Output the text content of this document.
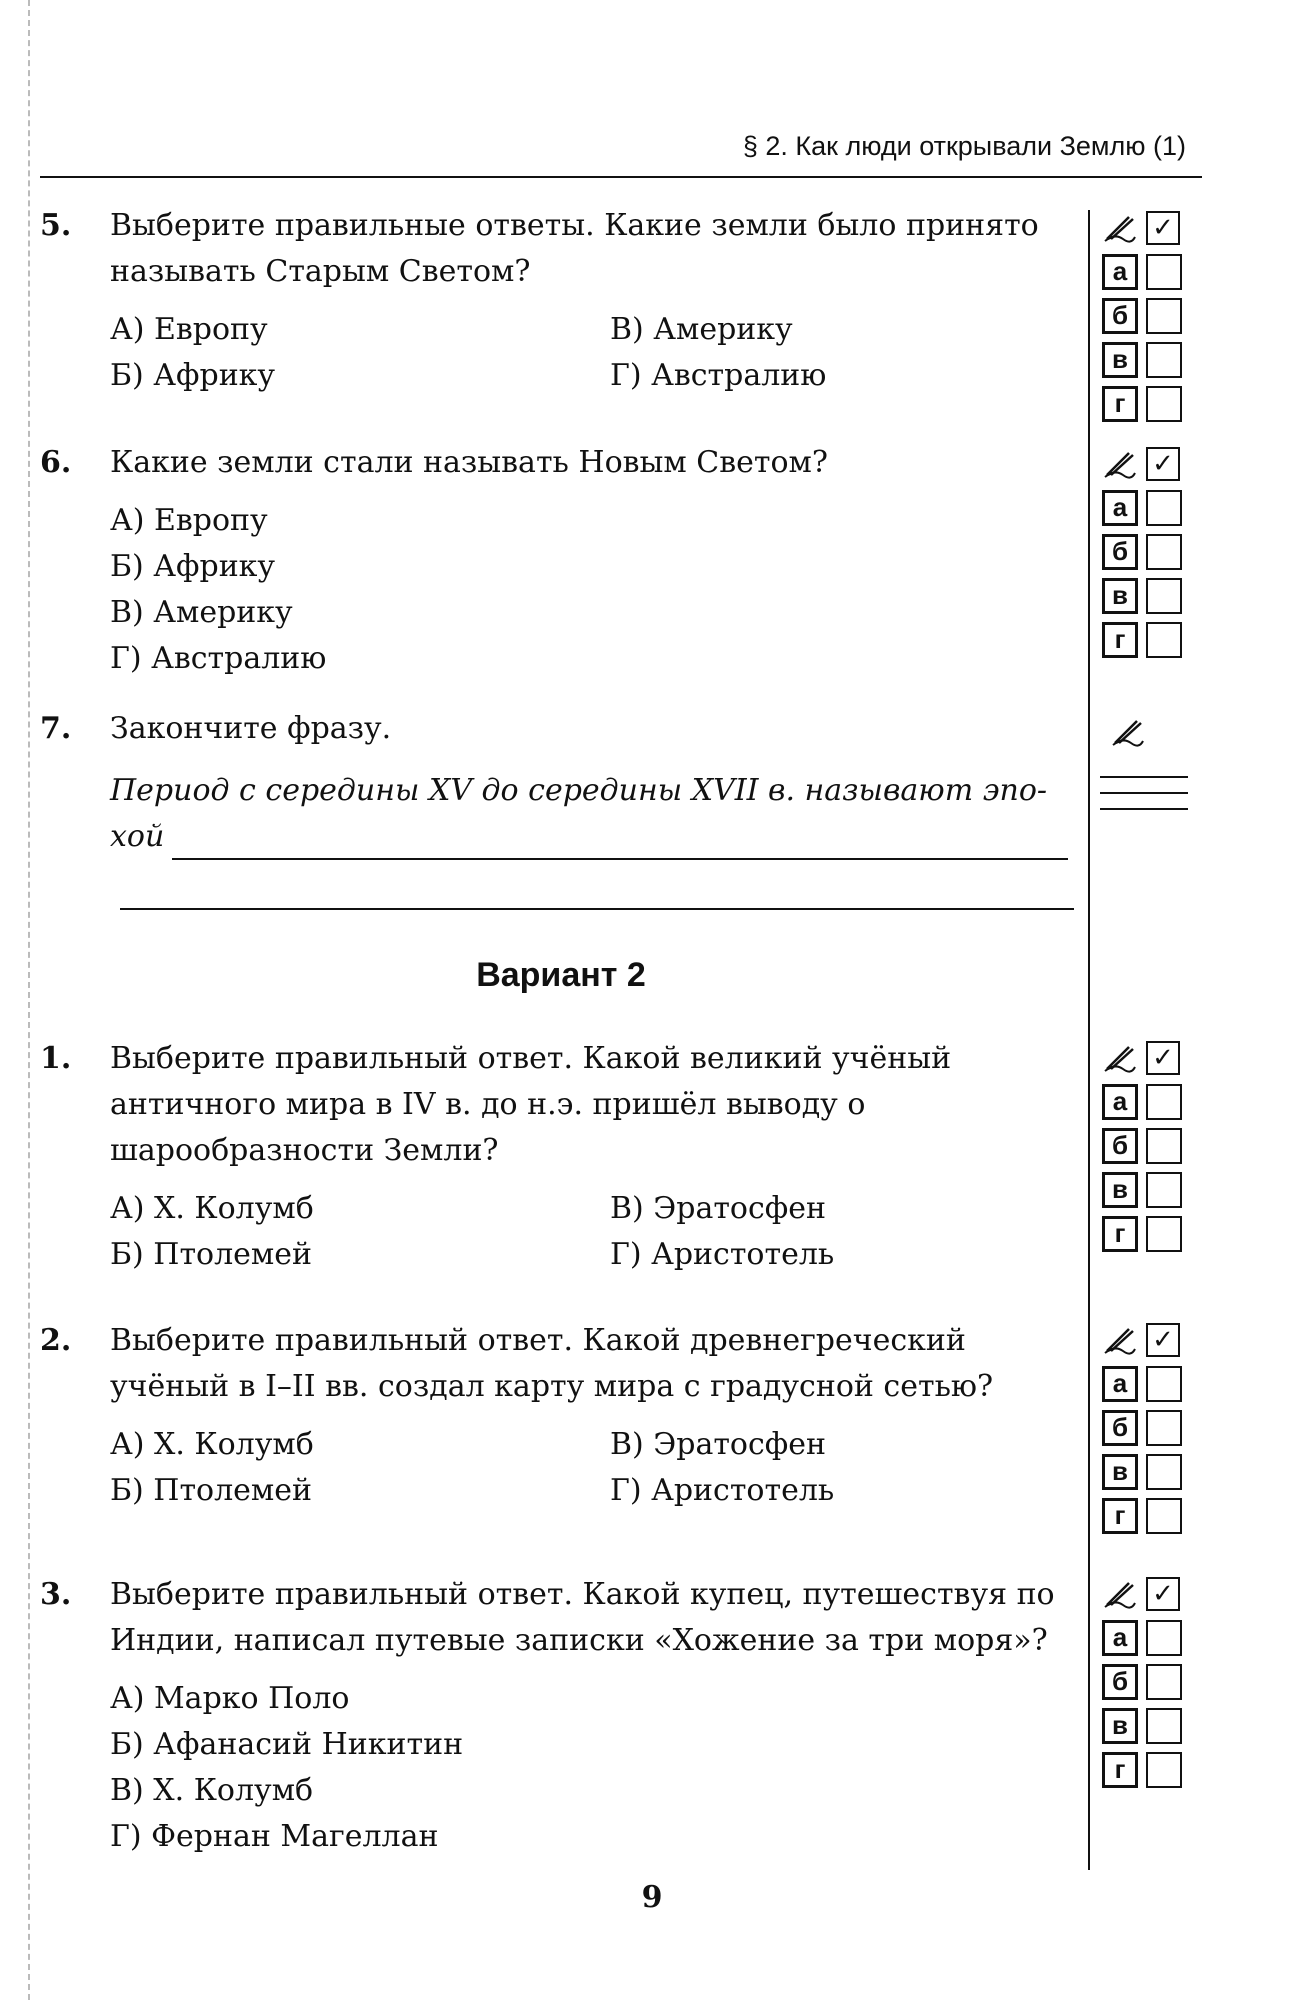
§ 2. Как люди открывали Землю (1)
5. Выберите правильные ответы. Какие земли было принято называть Старым Светом?
А) Европу	В) Америку
Б) Африку	Г) Австралию
6. Какие земли стали называть Новым Светом?
А) Европу
Б) Африку
В) Америку
Г) Австралию
7. Закончите фразу.
Период с середины XV до середины XVII в. называют эпо-
хой
Вариант 2
1. Выберите правильный ответ. Какой великий учёный античного мира в IV в. до н.э. пришёл выводу о шарообразности Земли?
А) Х. Колумб	В) Эратосфен
Б) Птолемей	Г) Аристотель
2. Выберите правильный ответ. Какой древнегреческий учёный в I–II вв. создал карту мира с градусной сетью?
А) Х. Колумб	В) Эратосфен
Б) Птолемей	Г) Аристотель
3. Выберите правильный ответ. Какой купец, путешествуя по Индии, написал путевые записки «Хожение за три моря»?
А) Марко Поло
Б) Афанасий Никитин
В) Х. Колумб
Г) Фернан Магеллан
✓
а
б
в
г
✓
а
б
в
г
✓
а
б
в
г
✓
а
б
в
г
✓
а
б
в
г
9
